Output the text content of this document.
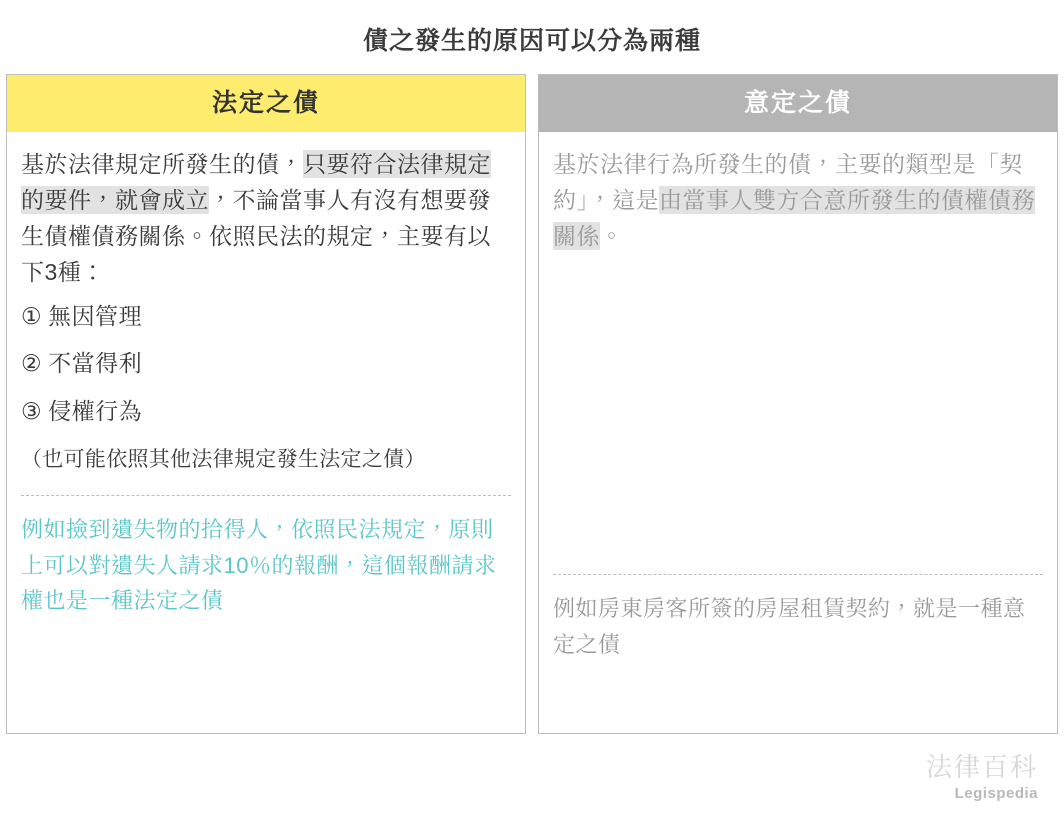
債之發生的原因可以分為兩種
法定之債

基於法律規定所發生的債，只要符合法律規定的要件，就會成立，不論當事人有沒有想要發生債權債務關係。依照民法的規定，主要有以下3種：

① 無因管理
② 不當得利
③ 侵權行為
（也可能依照其他法律規定發生法定之債）

例如撿到遺失物的拾得人，依照民法規定，原則上可以對遺失人請求10％的報酬，這個報酬請求權也是一種法定之債

意定之債

基於法律行為所發生的債，主要的類型是「契約」，這是由當事人雙方合意所發生的債權債務關係。

例如房東房客所簽的房屋租賃契約，就是一種意定之債

法律百科
Legispedia
